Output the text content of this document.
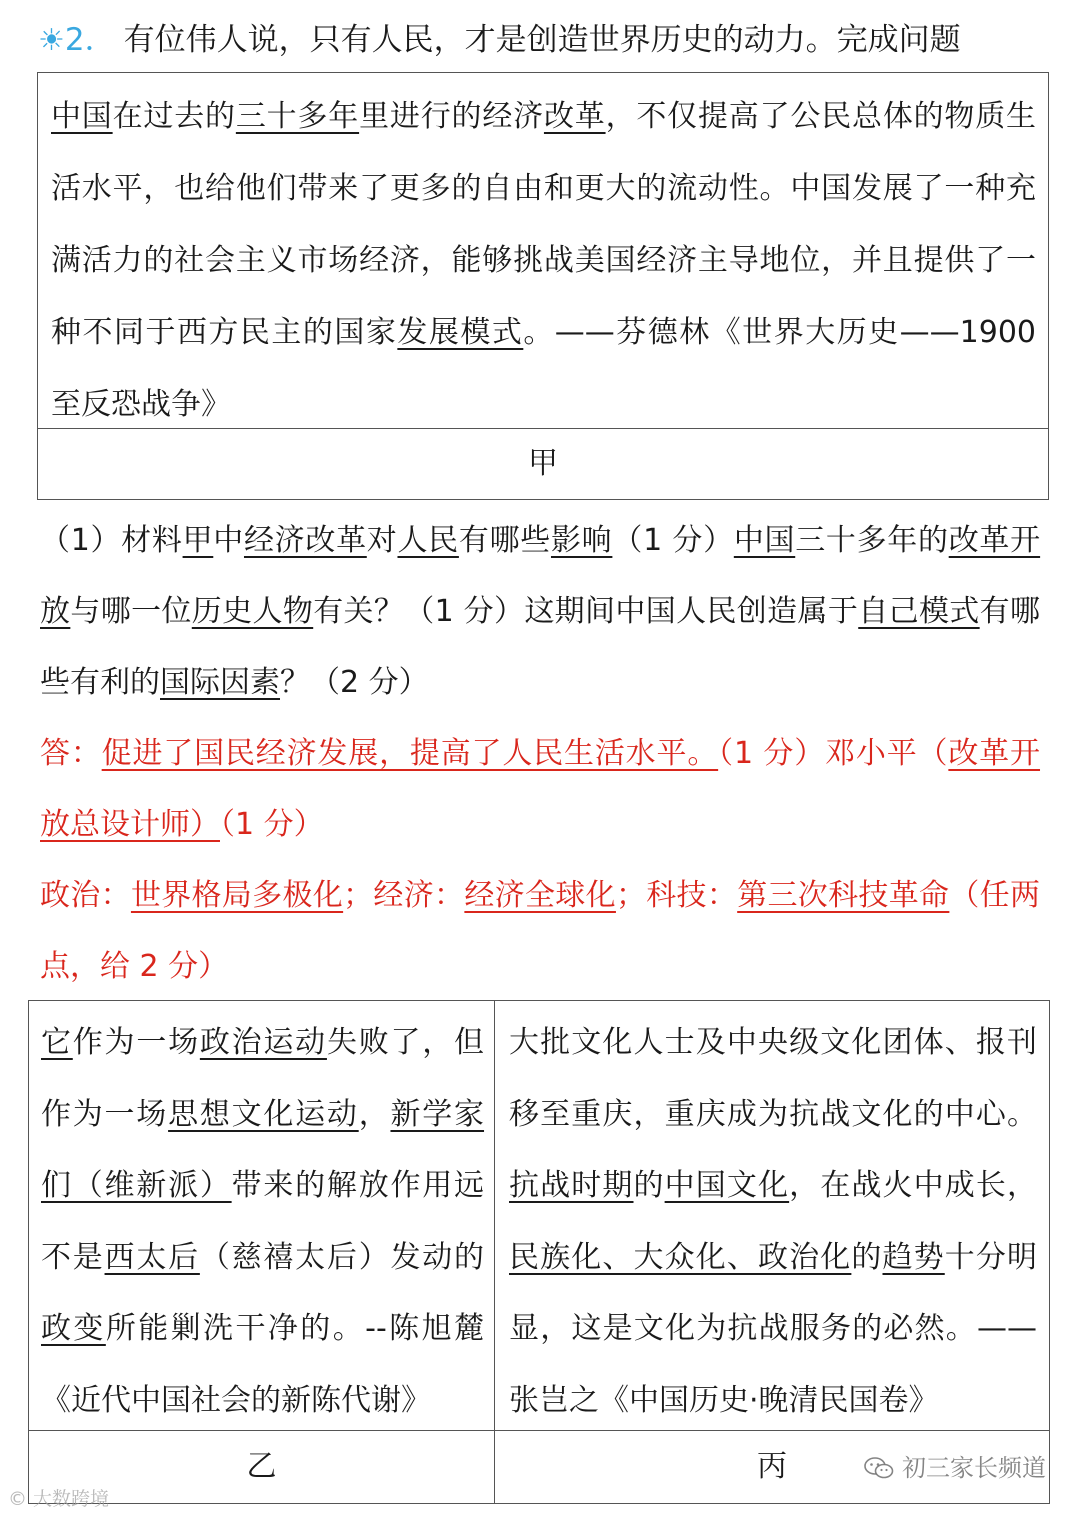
☀2． 有位伟人说，只有人民，才是创造世界历史的动力。完成问题
中国在过去的三十多年里进行的经济改革，不仅提高了公民总体的物质生活水平，也给他们带来了更多的自由和更大的流动性。中国发展了一种充满活力的社会主义市场经济，能够挑战美国经济主导地位，并且提供了一种不同于西方民主的国家发展模式。——芬德林《世界大历史——1900 至反恐战争》
甲
（1）材料甲中经济改革对人民有哪些影响（1 分）中国三十多年的改革开放与哪一位历史人物有关？（1 分）这期间中国人民创造属于自己模式有哪些有利的国际因素？（2 分）
答：促进了国民经济发展，提高了人民生活水平。（1 分）邓小平（改革开放总设计师）（1 分）
政治：世界格局多极化；经济：经济全球化；科技：第三次科技革命（任两点，给 2 分）
它作为一场政治运动失败了，但作为一场思想文化运动，新学家们（维新派）带来的解放作用远不是西太后（慈禧太后）发动的政变所能剿洗干净的。--陈旭麓《近代中国社会的新陈代谢》
大批文化人士及中央级文化团体、报刊移至重庆，重庆成为抗战文化的中心。抗战时期的中国文化，在战火中成长，民族化、大众化、政治化的趋势十分明显，这是文化为抗战服务的必然。——张岂之《中国历史·晚清民国卷》
乙	丙
© 大数跨境
初三家长频道
